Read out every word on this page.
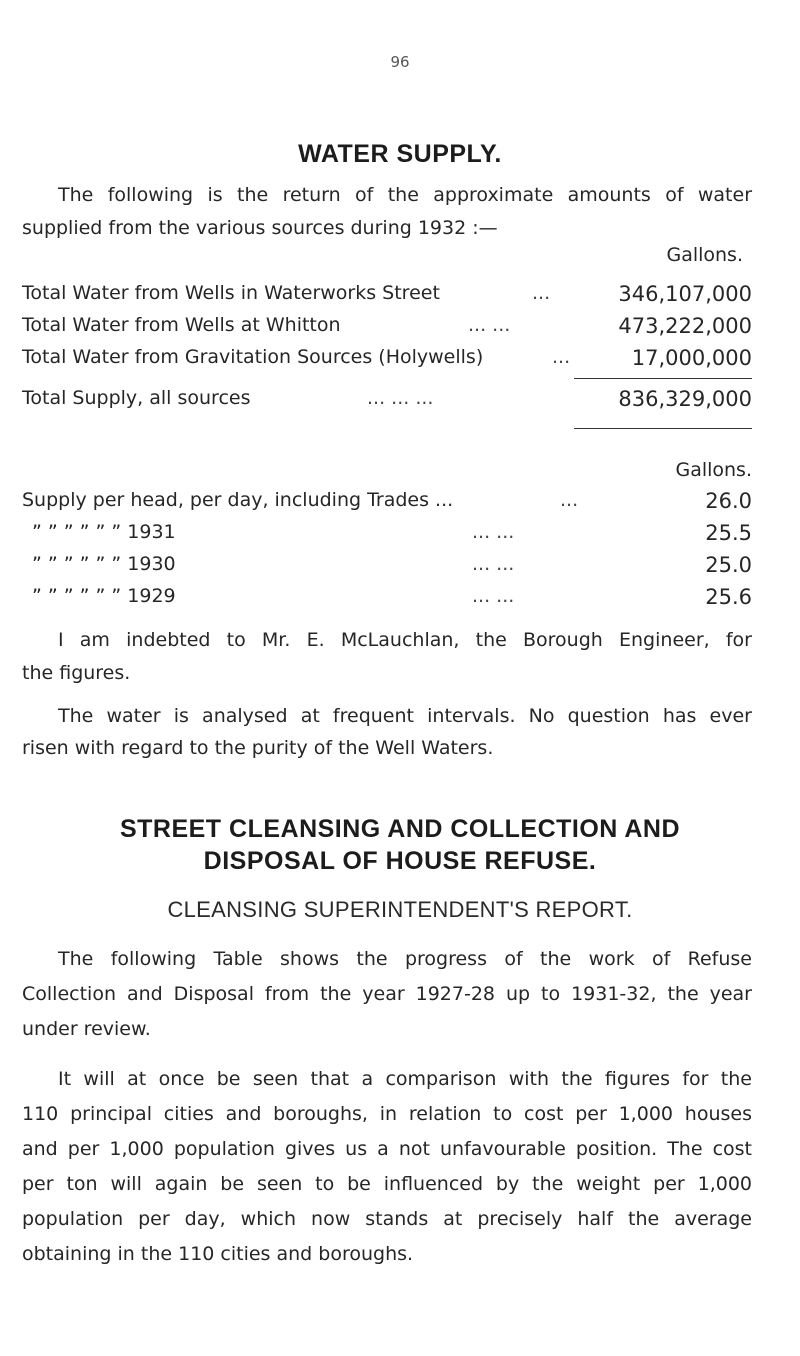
96
WATER SUPPLY.
The following is the return of the approximate amounts of water
supplied from the various sources during 1932 :—
Gallons.
Total Water from Wells in Waterworks Street	...	346,107,000
Total Water from Wells at Whitton	... ...	473,222,000
Total Water from Gravitation Sources (Holywells)	...	17,000,000
Total Supply, all sources	... ... ...	836,329,000
Gallons.
Supply per head, per day, including Trades ...	...	26.0
” ” ” ” ” ” 1931	... ...	25.5
” ” ” ” ” ” 1930	... ...	25.0
” ” ” ” ” ” 1929	... ...	25.6
I am indebted to Mr. E. McLauchlan, the Borough Engineer, for
the figures.
The water is analysed at frequent intervals. No question has ever
risen with regard to the purity of the Well Waters.
STREET CLEANSING AND COLLECTION AND
DISPOSAL OF HOUSE REFUSE.
CLEANSING SUPERINTENDENT'S REPORT.
The following Table shows the progress of the work of Refuse
Collection and Disposal from the year 1927-28 up to 1931-32, the year
under review.
It will at once be seen that a comparison with the figures for the
110 principal cities and boroughs, in relation to cost per 1,000 houses
and per 1,000 population gives us a not unfavourable position. The cost
per ton will again be seen to be influenced by the weight per 1,000
population per day, which now stands at precisely half the average
obtaining in the 110 cities and boroughs.
